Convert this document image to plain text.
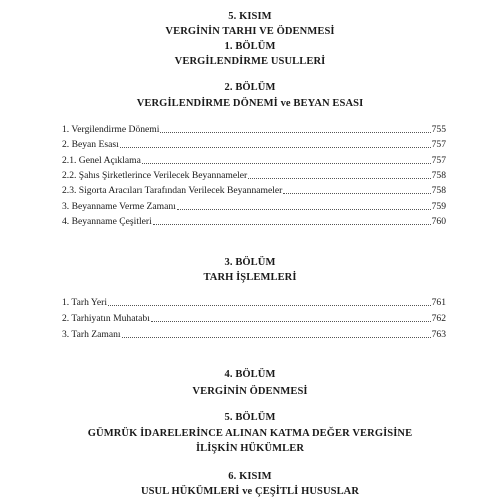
5. KISIM
VERGİNİN TARHI VE ÖDENMESİ
1. BÖLÜM
VERGİLENDİRME USULLERİ
2. BÖLÜM
VERGİLENDİRME DÖNEMİ ve BEYAN ESASI
1. Vergilendirme Dönemi	755
2. Beyan Esası	757
2.1. Genel Açıklama	757
2.2. Şahıs Şirketlerince Verilecek Beyannameler	758
2.3. Sigorta Aracıları Tarafından Verilecek Beyannameler	758
3. Beyanname Verme Zamanı	759
4. Beyanname Çeşitleri	760
3. BÖLÜM
TARH İŞLEMLERİ
1. Tarh Yeri	761
2. Tarhiyatın Muhatabı	762
3. Tarh Zamanı	763
4. BÖLÜM
VERGİNİN ÖDENMESİ
5. BÖLÜM
GÜMRÜK İDARELERİNCE ALINAN KATMA DEĞER VERGİSİNE
İLİŞKİN HÜKÜMLER
6. KISIM
USUL HÜKÜMLERİ ve ÇEŞİTLİ HUSUSLAR
